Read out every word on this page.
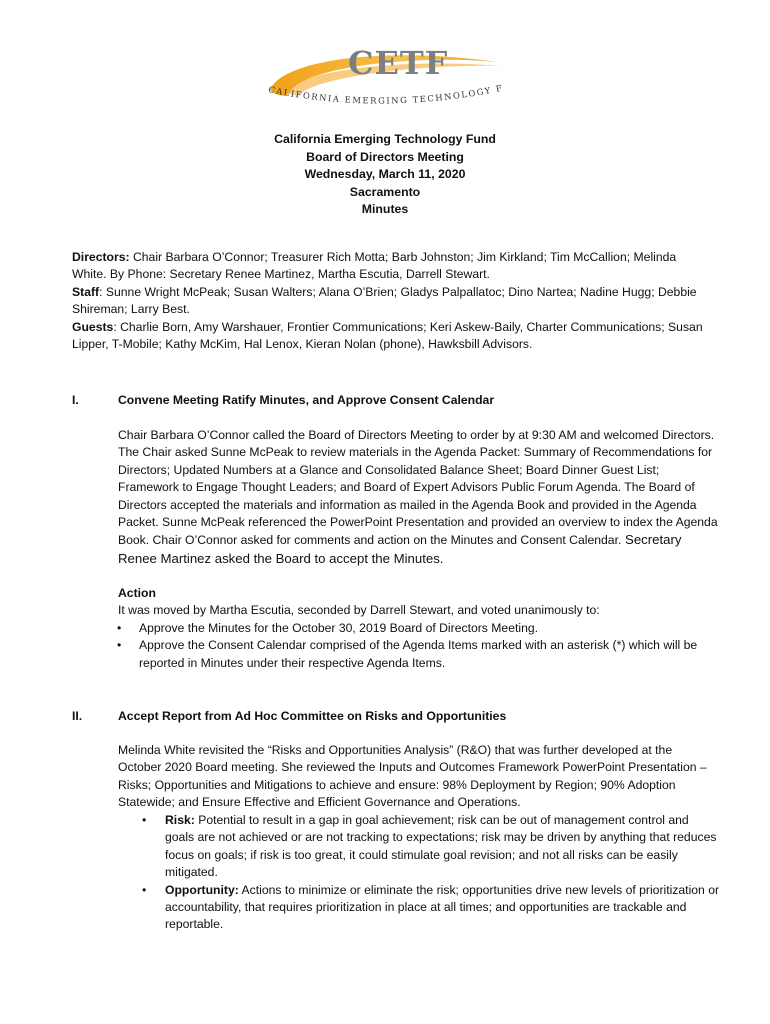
CETF
CALIFORNIA EMERGING TECHNOLOGY F
California Emerging Technology Fund
Board of Directors Meeting
Wednesday, March 11, 2020
Sacramento
Minutes

Directors: Chair Barbara O’Connor; Treasurer Rich Motta; Barb Johnston; Jim Kirkland; Tim McCallion; Melinda White. By Phone: Secretary Renee Martinez, Martha Escutia, Darrell Stewart.

Staff: Sunne Wright McPeak; Susan Walters; Alana O’Brien; Gladys Palpallatoc; Dino Nartea; Nadine Hugg; Debbie Shireman; Larry Best.

Guests: Charlie Born, Amy Warshauer, Frontier Communications; Keri Askew-Baily, Charter Communications; Susan Lipper, T-Mobile; Kathy McKim, Hal Lenox, Kieran Nolan (phone), Hawksbill Advisors.

I.	Convene Meeting Ratify Minutes, and Approve Consent Calendar

Chair Barbara O’Connor called the Board of Directors Meeting to order by at 9:30 AM and welcomed Directors. The Chair asked Sunne McPeak to review materials in the Agenda Packet: Summary of Recommendations for Directors; Updated Numbers at a Glance and Consolidated Balance Sheet; Board Dinner Guest List; Framework to Engage Thought Leaders; and Board of Expert Advisors Public Forum Agenda. The Board of Directors accepted the materials and information as mailed in the Agenda Book and provided in the Agenda Packet. Sunne McPeak referenced the PowerPoint Presentation and provided an overview to index the Agenda Book. Chair O’Connor asked for comments and action on the Minutes and Consent Calendar. Secretary Renee Martinez asked the Board to accept the Minutes.

Action

It was moved by Martha Escutia, seconded by Darrell Stewart, and voted unanimously to:

• Approve the Minutes for the October 30, 2019 Board of Directors Meeting.
• Approve the Consent Calendar comprised of the Agenda Items marked with an asterisk (*) which will be reported in Minutes under their respective Agenda Items.
II.	Accept Report from Ad Hoc Committee on Risks and Opportunities

Melinda White revisited the “Risks and Opportunities Analysis” (R&O) that was further developed at the October 2020 Board meeting. She reviewed the Inputs and Outcomes Framework PowerPoint Presentation – Risks; Opportunities and Mitigations to achieve and ensure: 98% Deployment by Region; 90% Adoption Statewide; and Ensure Effective and Efficient Governance and Operations.

• Risk: Potential to result in a gap in goal achievement; risk can be out of management control and goals are not achieved or are not tracking to expectations; risk may be driven by anything that reduces focus on goals; if risk is too great, it could stimulate goal revision; and not all risks can be easily mitigated.
• Opportunity: Actions to minimize or eliminate the risk; opportunities drive new levels of prioritization or accountability, that requires prioritization in place at all times; and opportunities are trackable and reportable.
